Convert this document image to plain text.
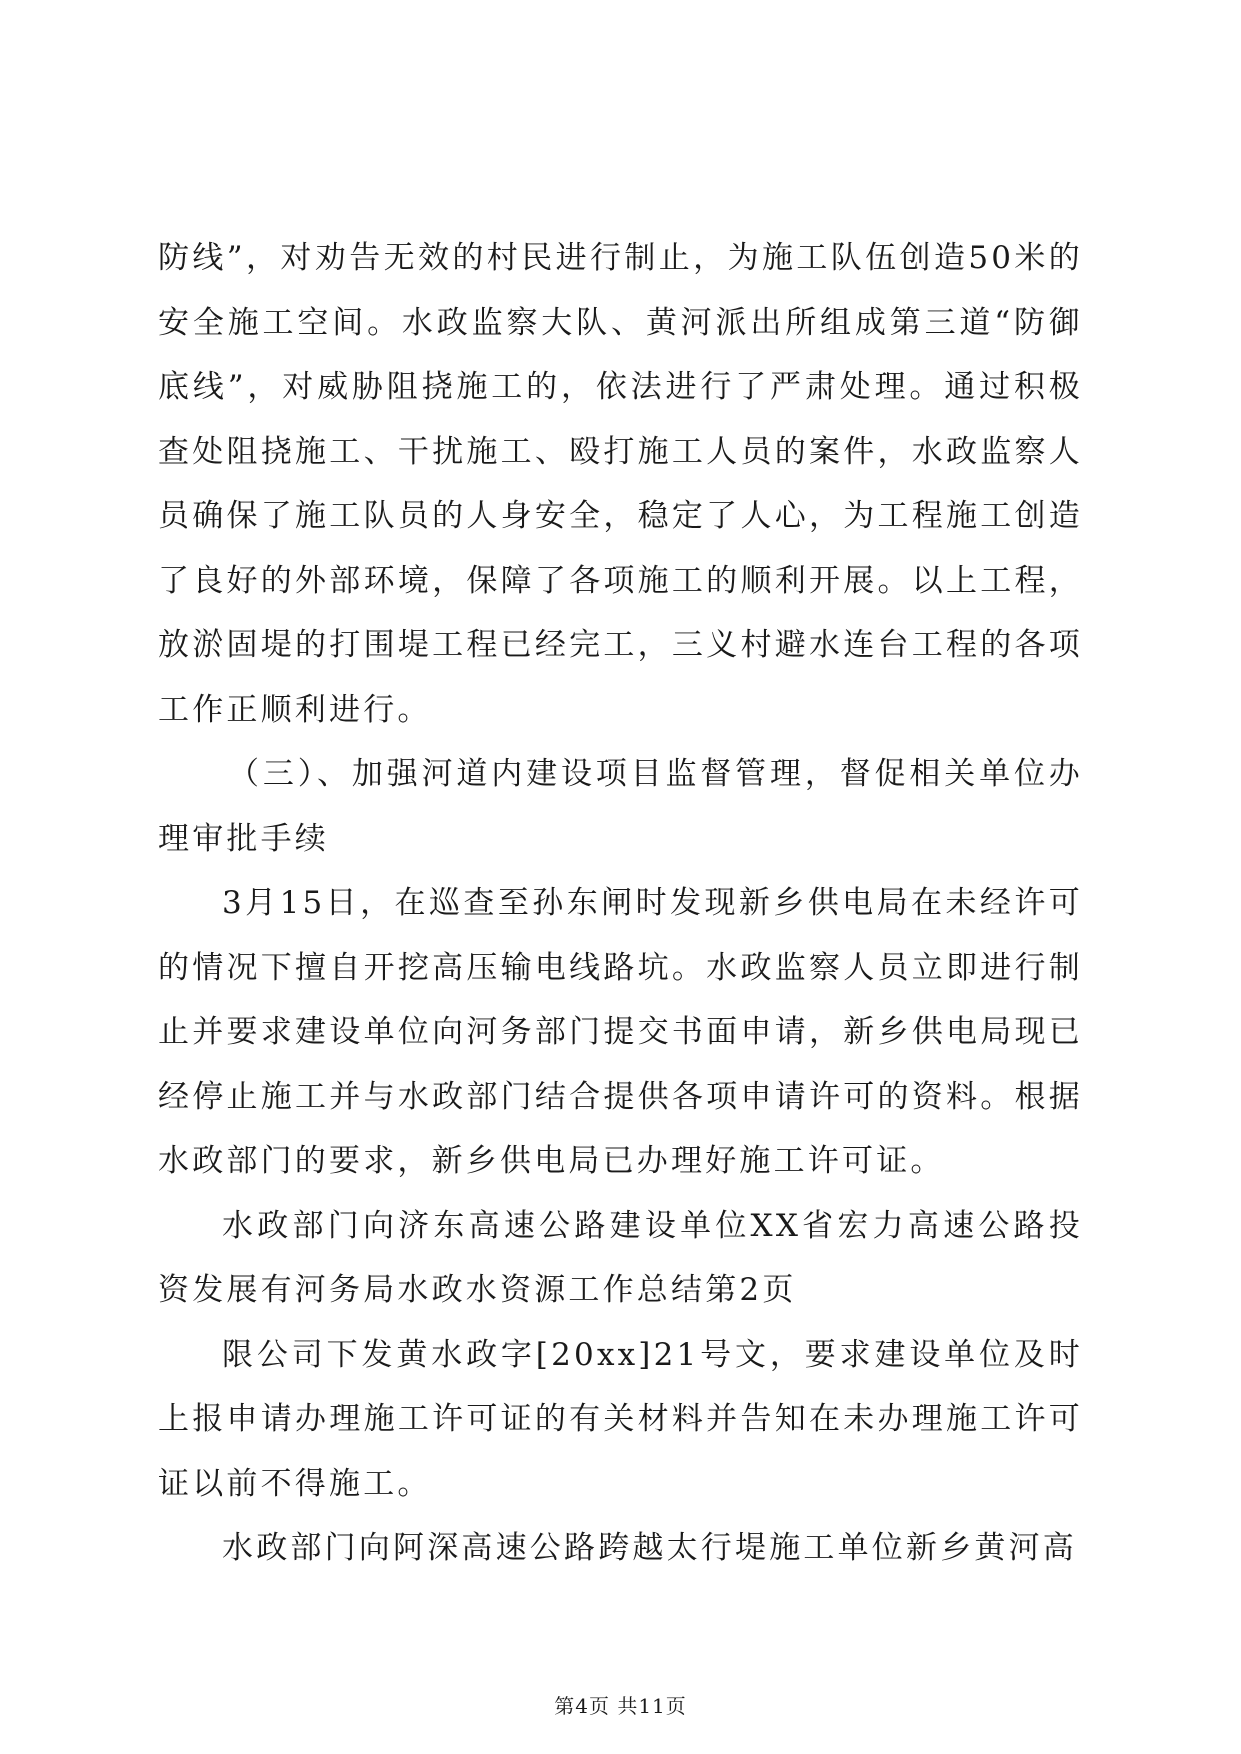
防线”，对劝告无效的村民进行制止，为施工队伍创造50米的安全施工空间。水政监察大队、黄河派出所组成第三道“防御底线”，对威胁阻挠施工的，依法进行了严肃处理。通过积极查处阻挠施工、干扰施工、殴打施工人员的案件，水政监察人员确保了施工队员的人身安全，稳定了人心，为工程施工创造了良好的外部环境，保障了各项施工的顺利开展。以上工程，放淤固堤的打围堤工程已经完工，三义村避水连台工程的各项工作正顺利进行。

（三）、加强河道内建设项目监督管理，督促相关单位办理审批手续

3月15日，在巡查至孙东闸时发现新乡供电局在未经许可的情况下擅自开挖高压输电线路坑。水政监察人员立即进行制止并要求建设单位向河务部门提交书面申请，新乡供电局现已经停止施工并与水政部门结合提供各项申请许可的资料。根据水政部门的要求，新乡供电局已办理好施工许可证。

水政部门向济东高速公路建设单位XX省宏力高速公路投资发展有河务局水政水资源工作总结第2页

限公司下发黄水政字[20xx]21号文，要求建设单位及时上报申请办理施工许可证的有关材料并告知在未办理施工许可证以前不得施工。

水政部门向阿深高速公路跨越太行堤施工单位新乡黄河高

第4页 共11页
